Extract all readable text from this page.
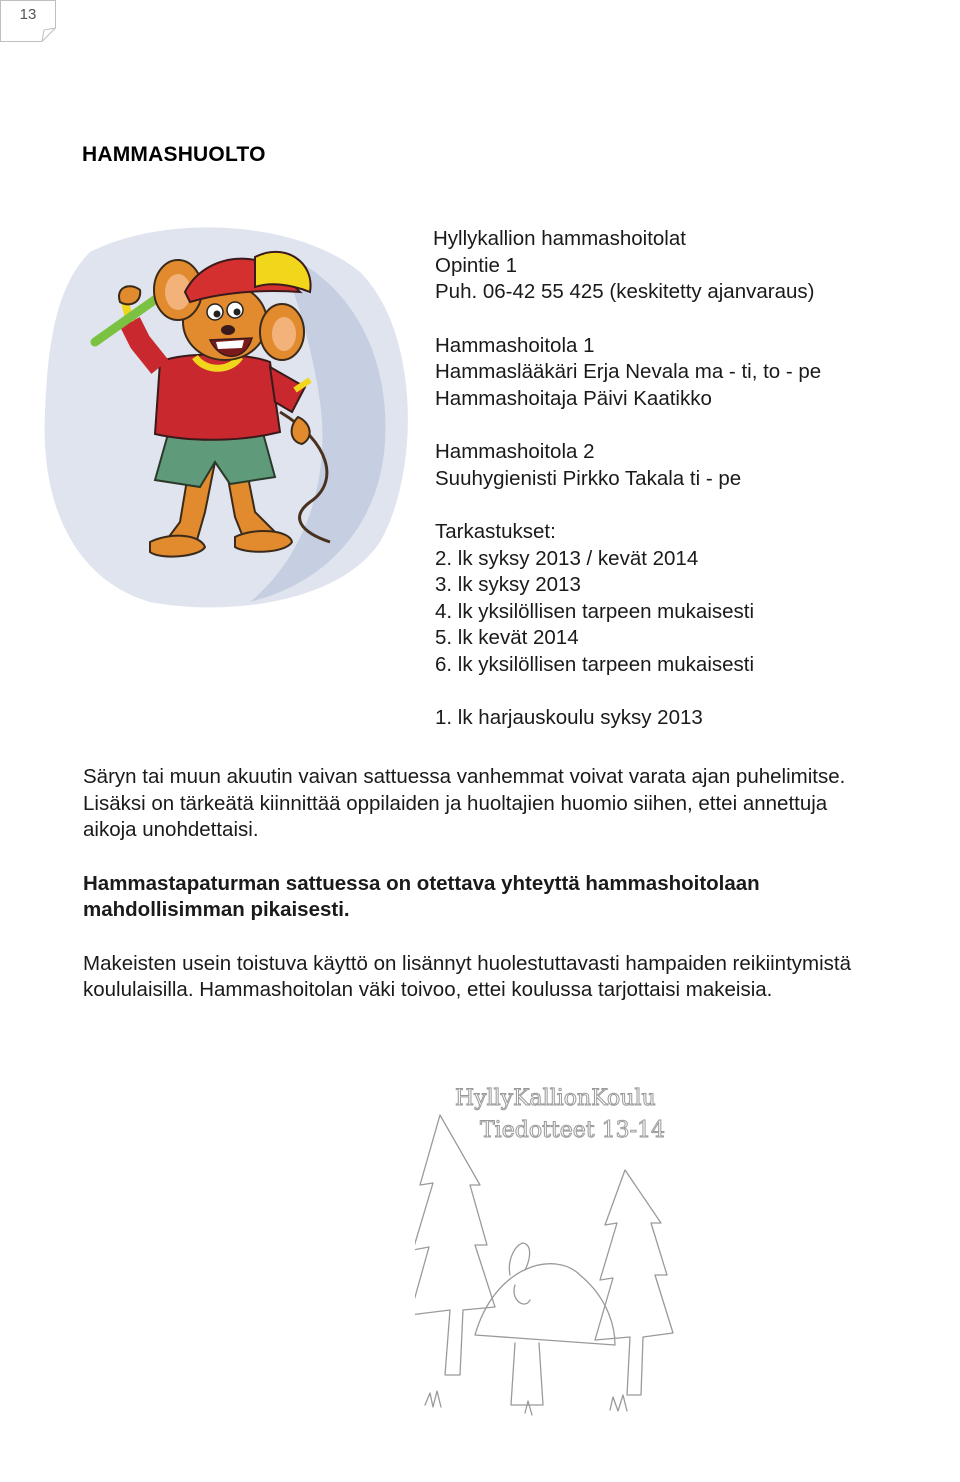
13
HAMMASHUOLTO
Hyllykallion hammashoitolat
Opintie 1
Puh. 06-42 55 425 (keskitetty ajanvaraus)
Hammashoitola 1
Hammaslääkäri Erja Nevala ma - ti, to - pe
Hammashoitaja Päivi Kaatikko
Hammashoitola 2
Suuhygienisti Pirkko Takala ti - pe
Tarkastukset:
2. lk syksy 2013 / kevät 2014
3. lk syksy 2013
4. lk yksilöllisen tarpeen mukaisesti
5. lk kevät 2014
6. lk yksilöllisen tarpeen mukaisesti
1. lk harjauskoulu syksy 2013
Säryn tai muun akuutin vaivan sattuessa vanhemmat voivat varata ajan puhelimitse.
Lisäksi on tärkeätä kiinnittää oppilaiden ja huoltajien huomio siihen, ettei annettuja
aikoja unohdettaisi.
Hammastapaturman sattuessa on otettava yhteyttä hammashoitolaan
mahdollisimman pikaisesti.
Makeisten usein toistuva käyttö on lisännyt huolestuttavasti hampaiden reikiintymistä
koululaisilla. Hammashoitolan väki toivoo, ettei koulussa tarjottaisi makeisia.
HyllyKallionKoulu
Tiedotteet 13-14
